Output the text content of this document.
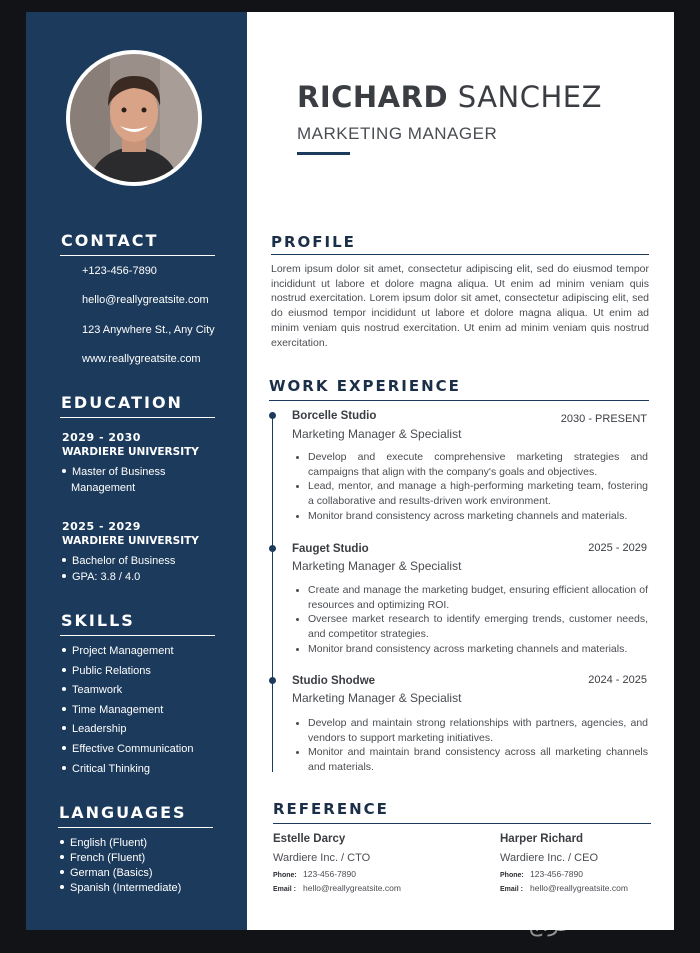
CONTACT
+123-456-7890
hello@reallygreatsite.com
123 Anywhere St., Any City
www.reallygreatsite.com
EDUCATION
2029 - 2030
WARDIERE UNIVERSITY
Master of Business
Management
2025 - 2029
WARDIERE UNIVERSITY
Bachelor of Business
GPA: 3.8 / 4.0
SKILLS
Project Management
Public Relations
Teamwork
Time Management
Leadership
Effective Communication
Critical Thinking
LANGUAGES
English (Fluent)
French (Fluent)
German (Basics)
Spanish (Intermediate)
RICHARD SANCHEZ
MARKETING MANAGER
PROFILE
Lorem ipsum dolor sit amet, consectetur adipiscing elit, sed do eiusmod tempor incididunt ut labore et dolore magna aliqua. Ut enim ad minim veniam quis nostrud exercitation. Lorem ipsum dolor sit amet, consectetur adipiscing elit, sed do eiusmod tempor incididunt ut labore et dolore magna aliqua. Ut enim ad minim veniam quis nostrud exercitation. Ut enim ad minim veniam quis nostrud exercitation.
WORK EXPERIENCE
Borcelle Studio	2030 - PRESENT
Marketing Manager & Specialist
Develop and execute comprehensive marketing strategies and campaigns that align with the company's goals and objectives.
Lead, mentor, and manage a high-performing marketing team, fostering a collaborative and results-driven work environment.
Monitor brand consistency across marketing channels and materials.
Fauget Studio	2025 - 2029
Marketing Manager & Specialist
Create and manage the marketing budget, ensuring efficient allocation of resources and optimizing ROI.
Oversee market research to identify emerging trends, customer needs, and competitor strategies.
Monitor brand consistency across marketing channels and materials.
Studio Shodwe	2024 - 2025
Marketing Manager & Specialist
Develop and maintain strong relationships with partners, agencies, and vendors to support marketing initiatives.
Monitor and maintain brand consistency across all marketing channels and materials.
REFERENCE
Estelle Darcy
Wardiere Inc. / CTO
Phone: 123-456-7890
Email : hello@reallygreatsite.com
Harper Richard
Wardiere Inc. / CEO
Phone: 123-456-7890
Email : hello@reallygreatsite.com
حراج
